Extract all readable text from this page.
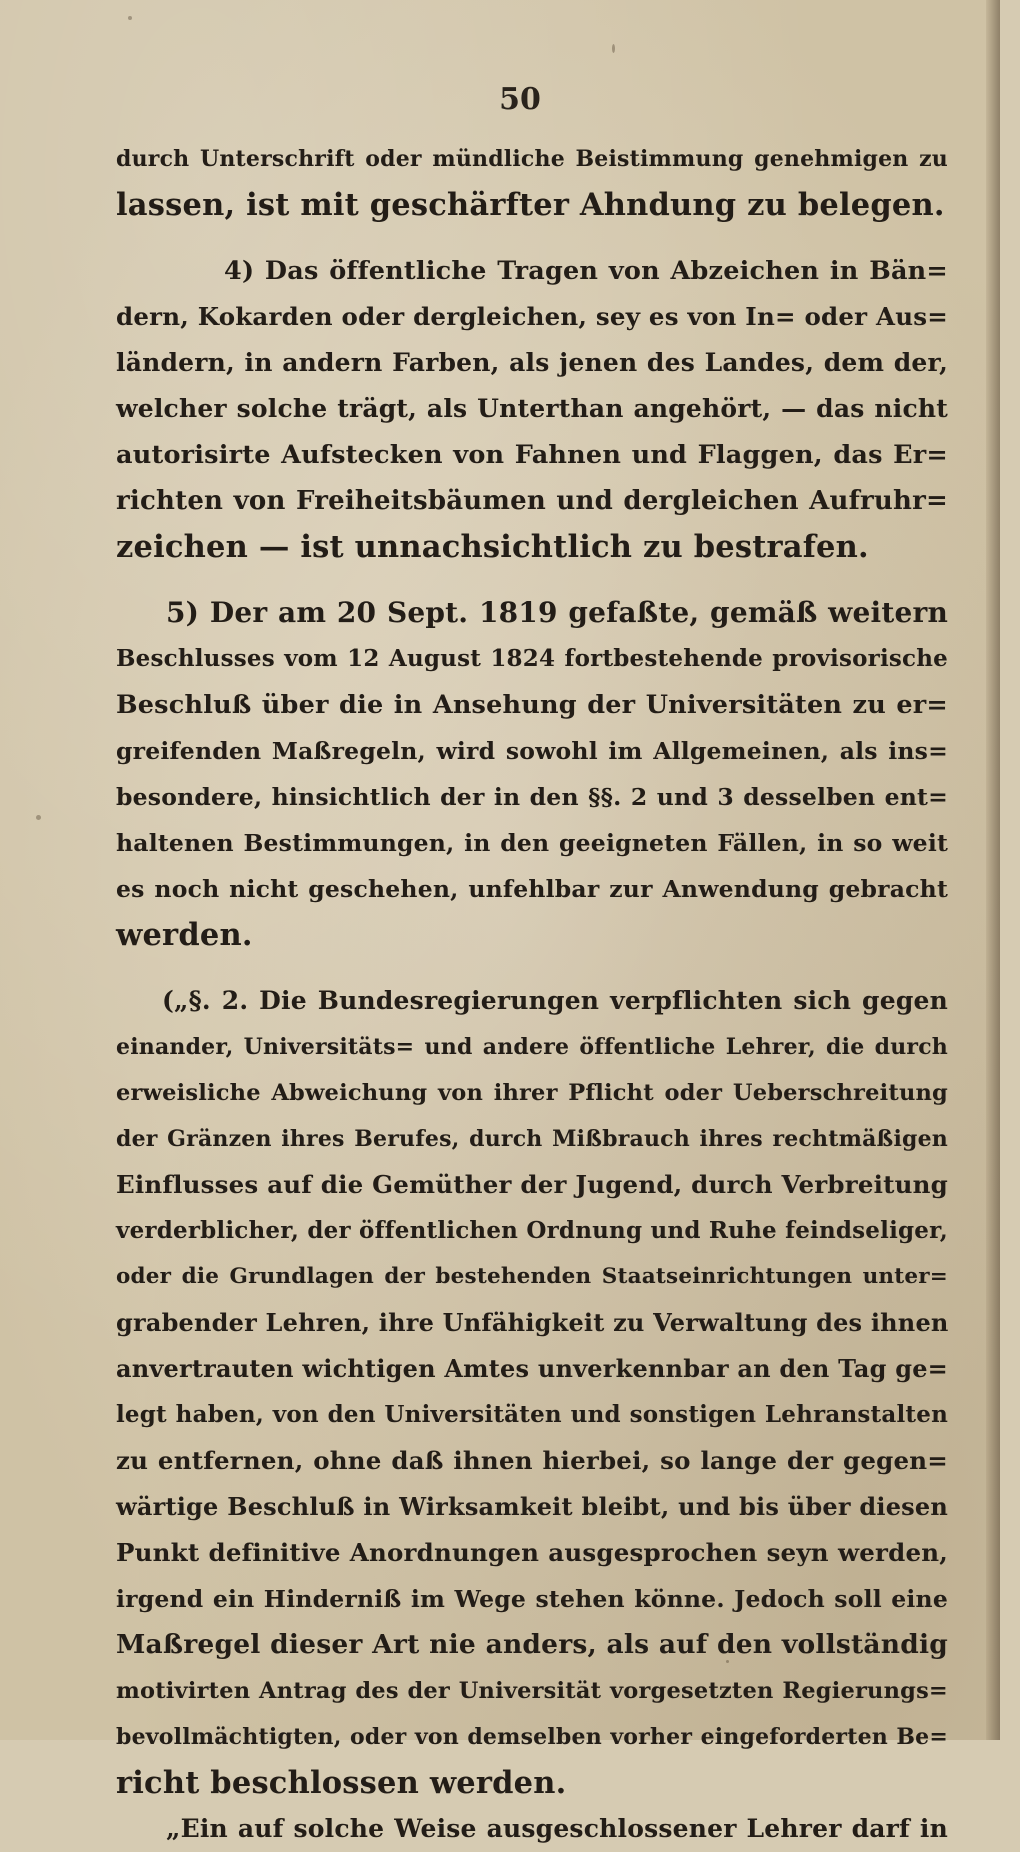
50
durch Unterschrift oder mündliche Beistimmung genehmigen zu
lassen, ist mit geschärfter Ahndung zu belegen.
4) Das öffentliche Tragen von Abzeichen in Bän=
dern, Kokarden oder dergleichen, sey es von In= oder Aus=
ländern, in andern Farben, als jenen des Landes, dem der,
welcher solche trägt, als Unterthan angehört, — das nicht
autorisirte Aufstecken von Fahnen und Flaggen, das Er=
richten von Freiheitsbäumen und dergleichen Aufruhr=
zeichen — ist unnachsichtlich zu bestrafen.
5) Der am 20 Sept. 1819 gefaßte, gemäß weitern
Beschlusses vom 12 August 1824 fortbestehende provisorische
Beschluß über die in Ansehung der Universitäten zu er=
greifenden Maßregeln, wird sowohl im Allgemeinen, als ins=
besondere, hinsichtlich der in den §§. 2 und 3 desselben ent=
haltenen Bestimmungen, in den geeigneten Fällen, in so weit
es noch nicht geschehen, unfehlbar zur Anwendung gebracht
werden.
(„§. 2. Die Bundesregierungen verpflichten sich gegen
einander, Universitäts= und andere öffentliche Lehrer, die durch
erweisliche Abweichung von ihrer Pflicht oder Ueberschreitung
der Gränzen ihres Berufes, durch Mißbrauch ihres rechtmäßigen
Einflusses auf die Gemüther der Jugend, durch Verbreitung
verderblicher, der öffentlichen Ordnung und Ruhe feindseliger,
oder die Grundlagen der bestehenden Staatseinrichtungen unter=
grabender Lehren, ihre Unfähigkeit zu Verwaltung des ihnen
anvertrauten wichtigen Amtes unverkennbar an den Tag ge=
legt haben, von den Universitäten und sonstigen Lehranstalten
zu entfernen, ohne daß ihnen hierbei, so lange der gegen=
wärtige Beschluß in Wirksamkeit bleibt, und bis über diesen
Punkt definitive Anordnungen ausgesprochen seyn werden,
irgend ein Hinderniß im Wege stehen könne. Jedoch soll eine
Maßregel dieser Art nie anders, als auf den vollständig
motivirten Antrag des der Universität vorgesetzten Regierungs=
bevollmächtigten, oder von demselben vorher eingeforderten Be=
richt beschlossen werden.
„Ein auf solche Weise ausgeschlossener Lehrer darf in
